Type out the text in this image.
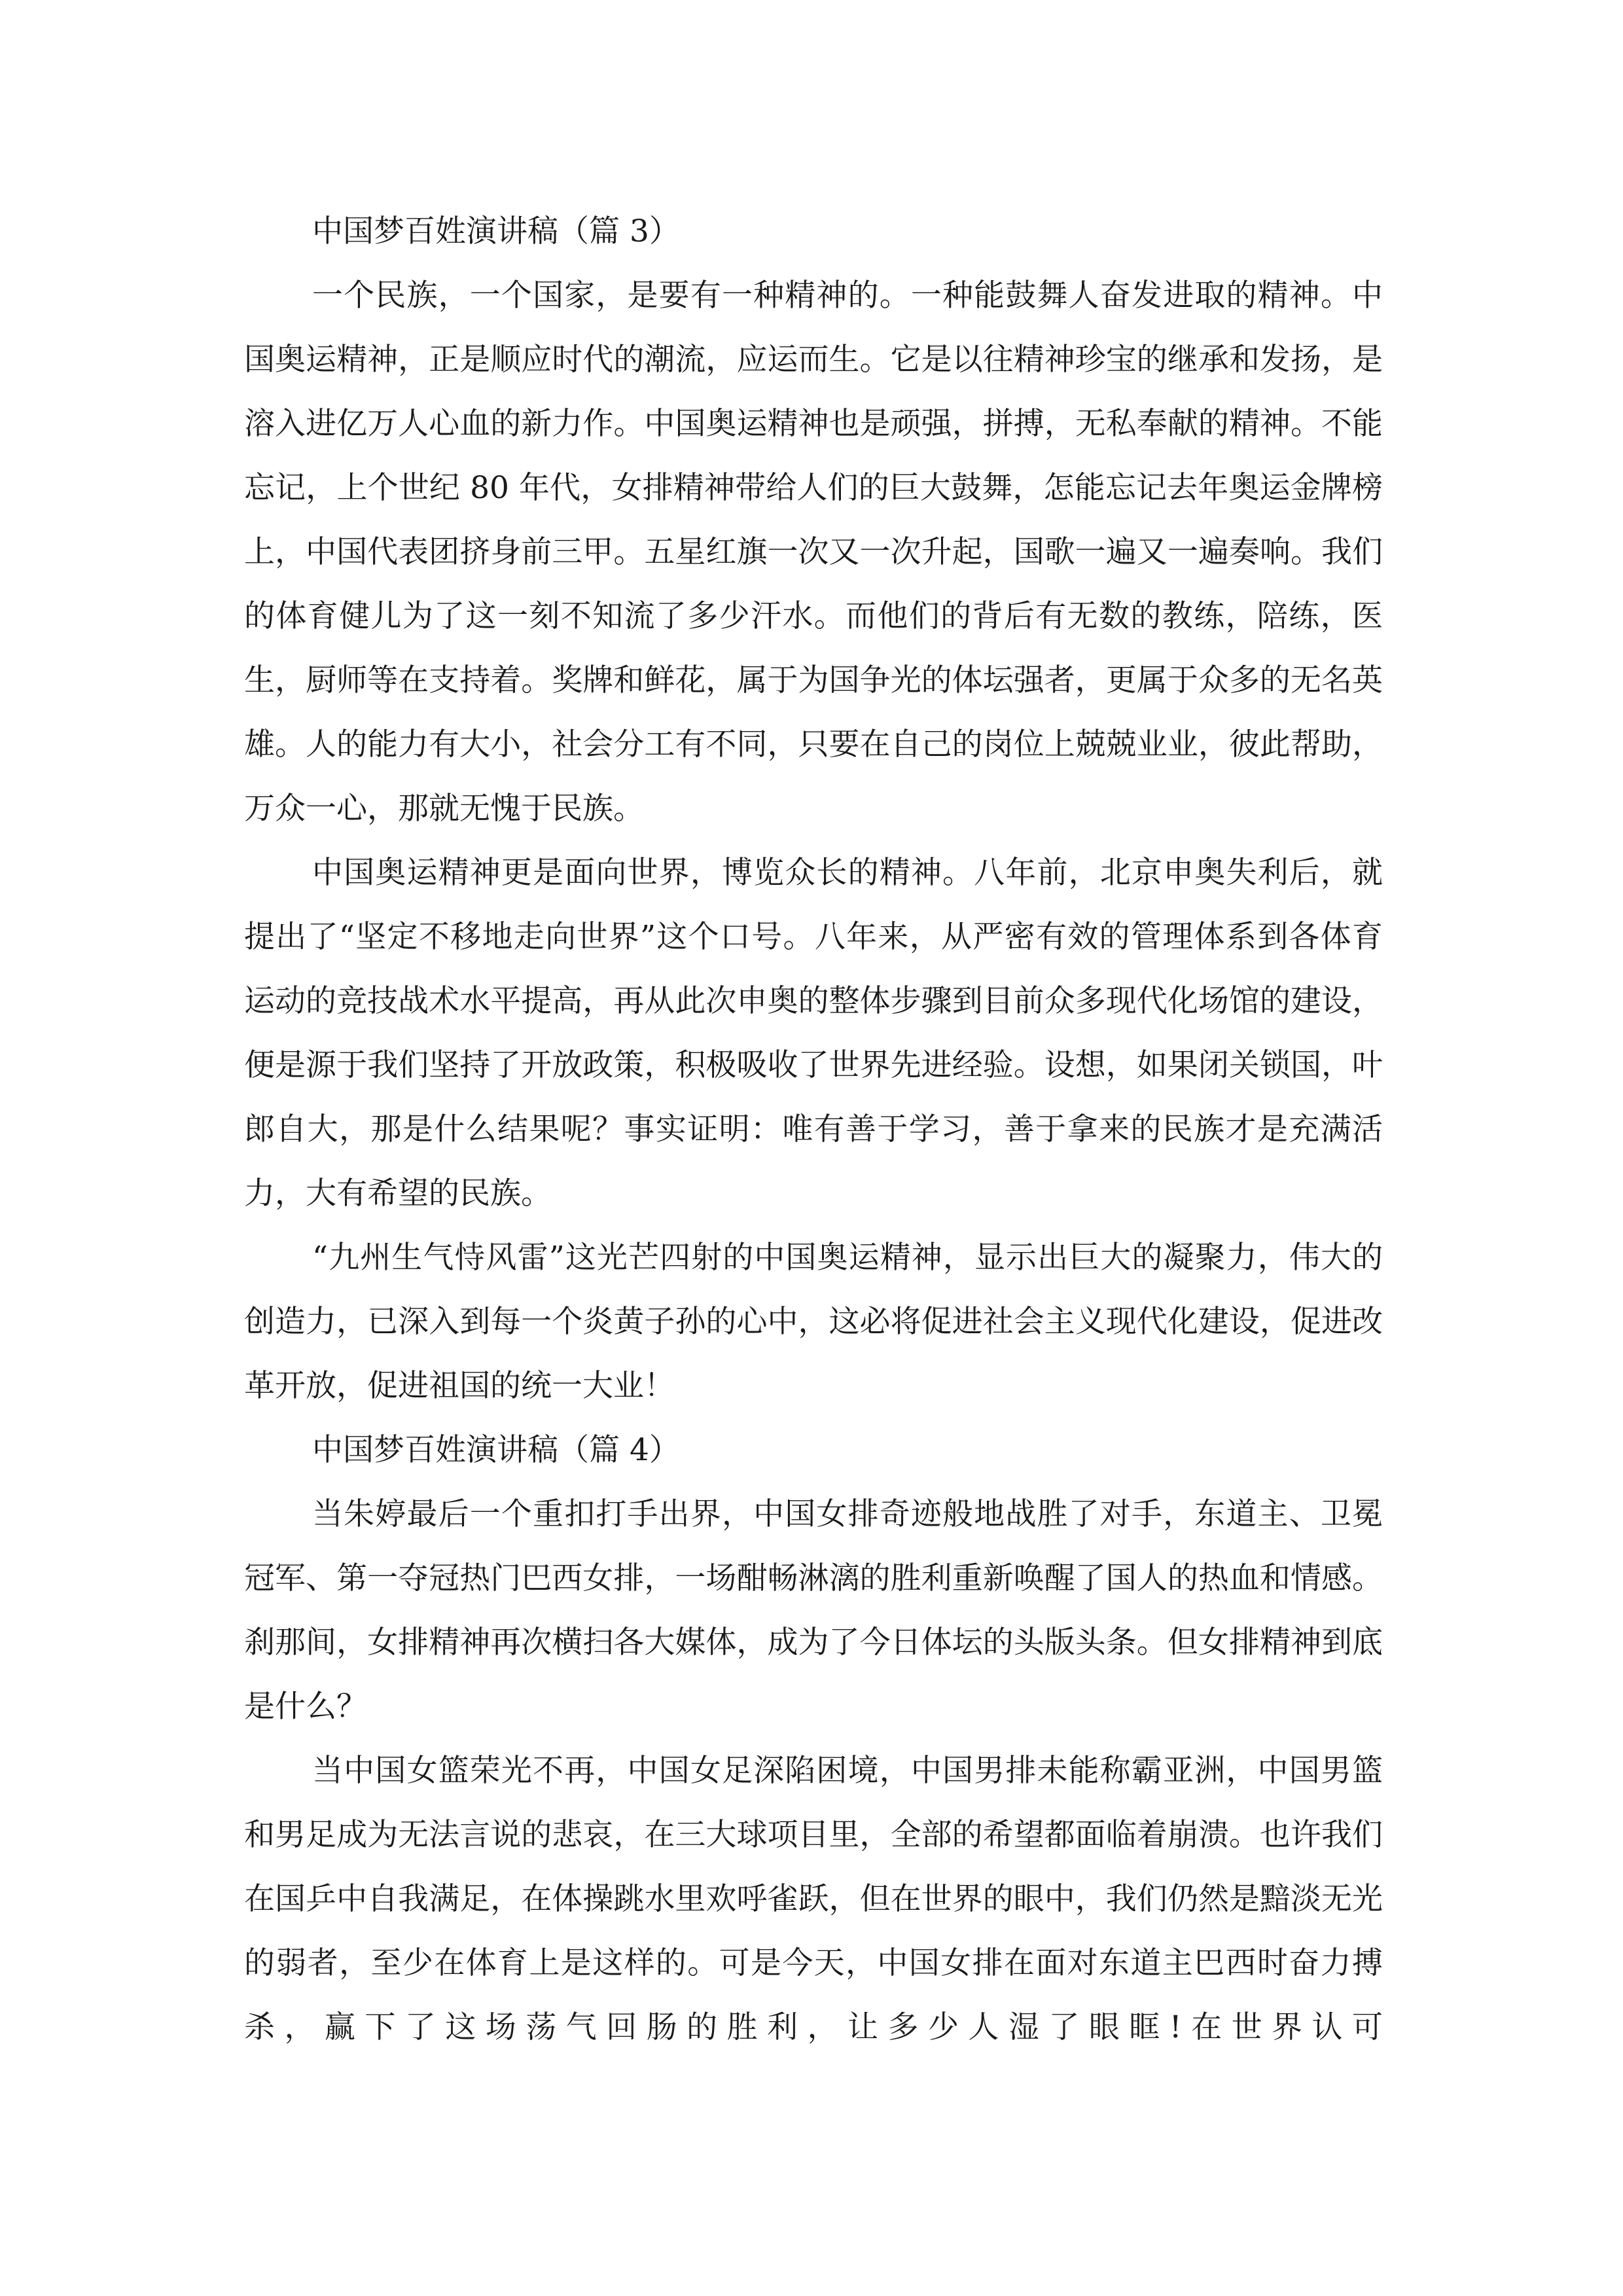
中国梦百姓演讲稿（篇 3）

一个民族，一个国家，是要有一种精神的。一种能鼓舞人奋发进取的精神。中国奥运精神，正是顺应时代的潮流，应运而生。它是以往精神珍宝的继承和发扬，是溶入进亿万人心血的新力作。中国奥运精神也是顽强，拼搏，无私奉献的精神。不能忘记，上个世纪 80 年代，女排精神带给人们的巨大鼓舞，怎能忘记去年奥运金牌榜上，中国代表团挤身前三甲。五星红旗一次又一次升起，国歌一遍又一遍奏响。我们的体育健儿为了这一刻不知流了多少汗水。而他们的背后有无数的教练，陪练，医生，厨师等在支持着。奖牌和鲜花，属于为国争光的体坛强者，更属于众多的无名英雄。人的能力有大小，社会分工有不同，只要在自己的岗位上兢兢业业，彼此帮助，万众一心，那就无愧于民族。

中国奥运精神更是面向世界，博览众长的精神。八年前，北京申奥失利后，就提出了“坚定不移地走向世界”这个口号。八年来，从严密有效的管理体系到各体育运动的竞技战术水平提高，再从此次申奥的整体步骤到目前众多现代化场馆的建设，便是源于我们坚持了开放政策，积极吸收了世界先进经验。设想，如果闭关锁国，叶郎自大，那是什么结果呢？事实证明：唯有善于学习，善于拿来的民族才是充满活力，大有希望的民族。

“九州生气恃风雷”这光芒四射的中国奥运精神，显示出巨大的凝聚力，伟大的创造力，已深入到每一个炎黄子孙的心中，这必将促进社会主义现代化建设，促进改革开放，促进祖国的统一大业！

中国梦百姓演讲稿（篇 4）

当朱婷最后一个重扣打手出界，中国女排奇迹般地战胜了对手，东道主、卫冕冠军、第一夺冠热门巴西女排，一场酣畅淋漓的胜利重新唤醒了国人的热血和情感。刹那间，女排精神再次横扫各大媒体，成为了今日体坛的头版头条。但女排精神到底是什么？

当中国女篮荣光不再，中国女足深陷困境，中国男排未能称霸亚洲，中国男篮和男足成为无法言说的悲哀，在三大球项目里，全部的希望都面临着崩溃。也许我们在国乒中自我满足，在体操跳水里欢呼雀跃，但在世界的眼中，我们仍然是黯淡无光的弱者，至少在体育上是这样的。可是今天，中国女排在面对东道主巴西时奋力搏杀，赢下了这场荡气回肠的胜利，让多少人湿了眼眶!在世界认可
